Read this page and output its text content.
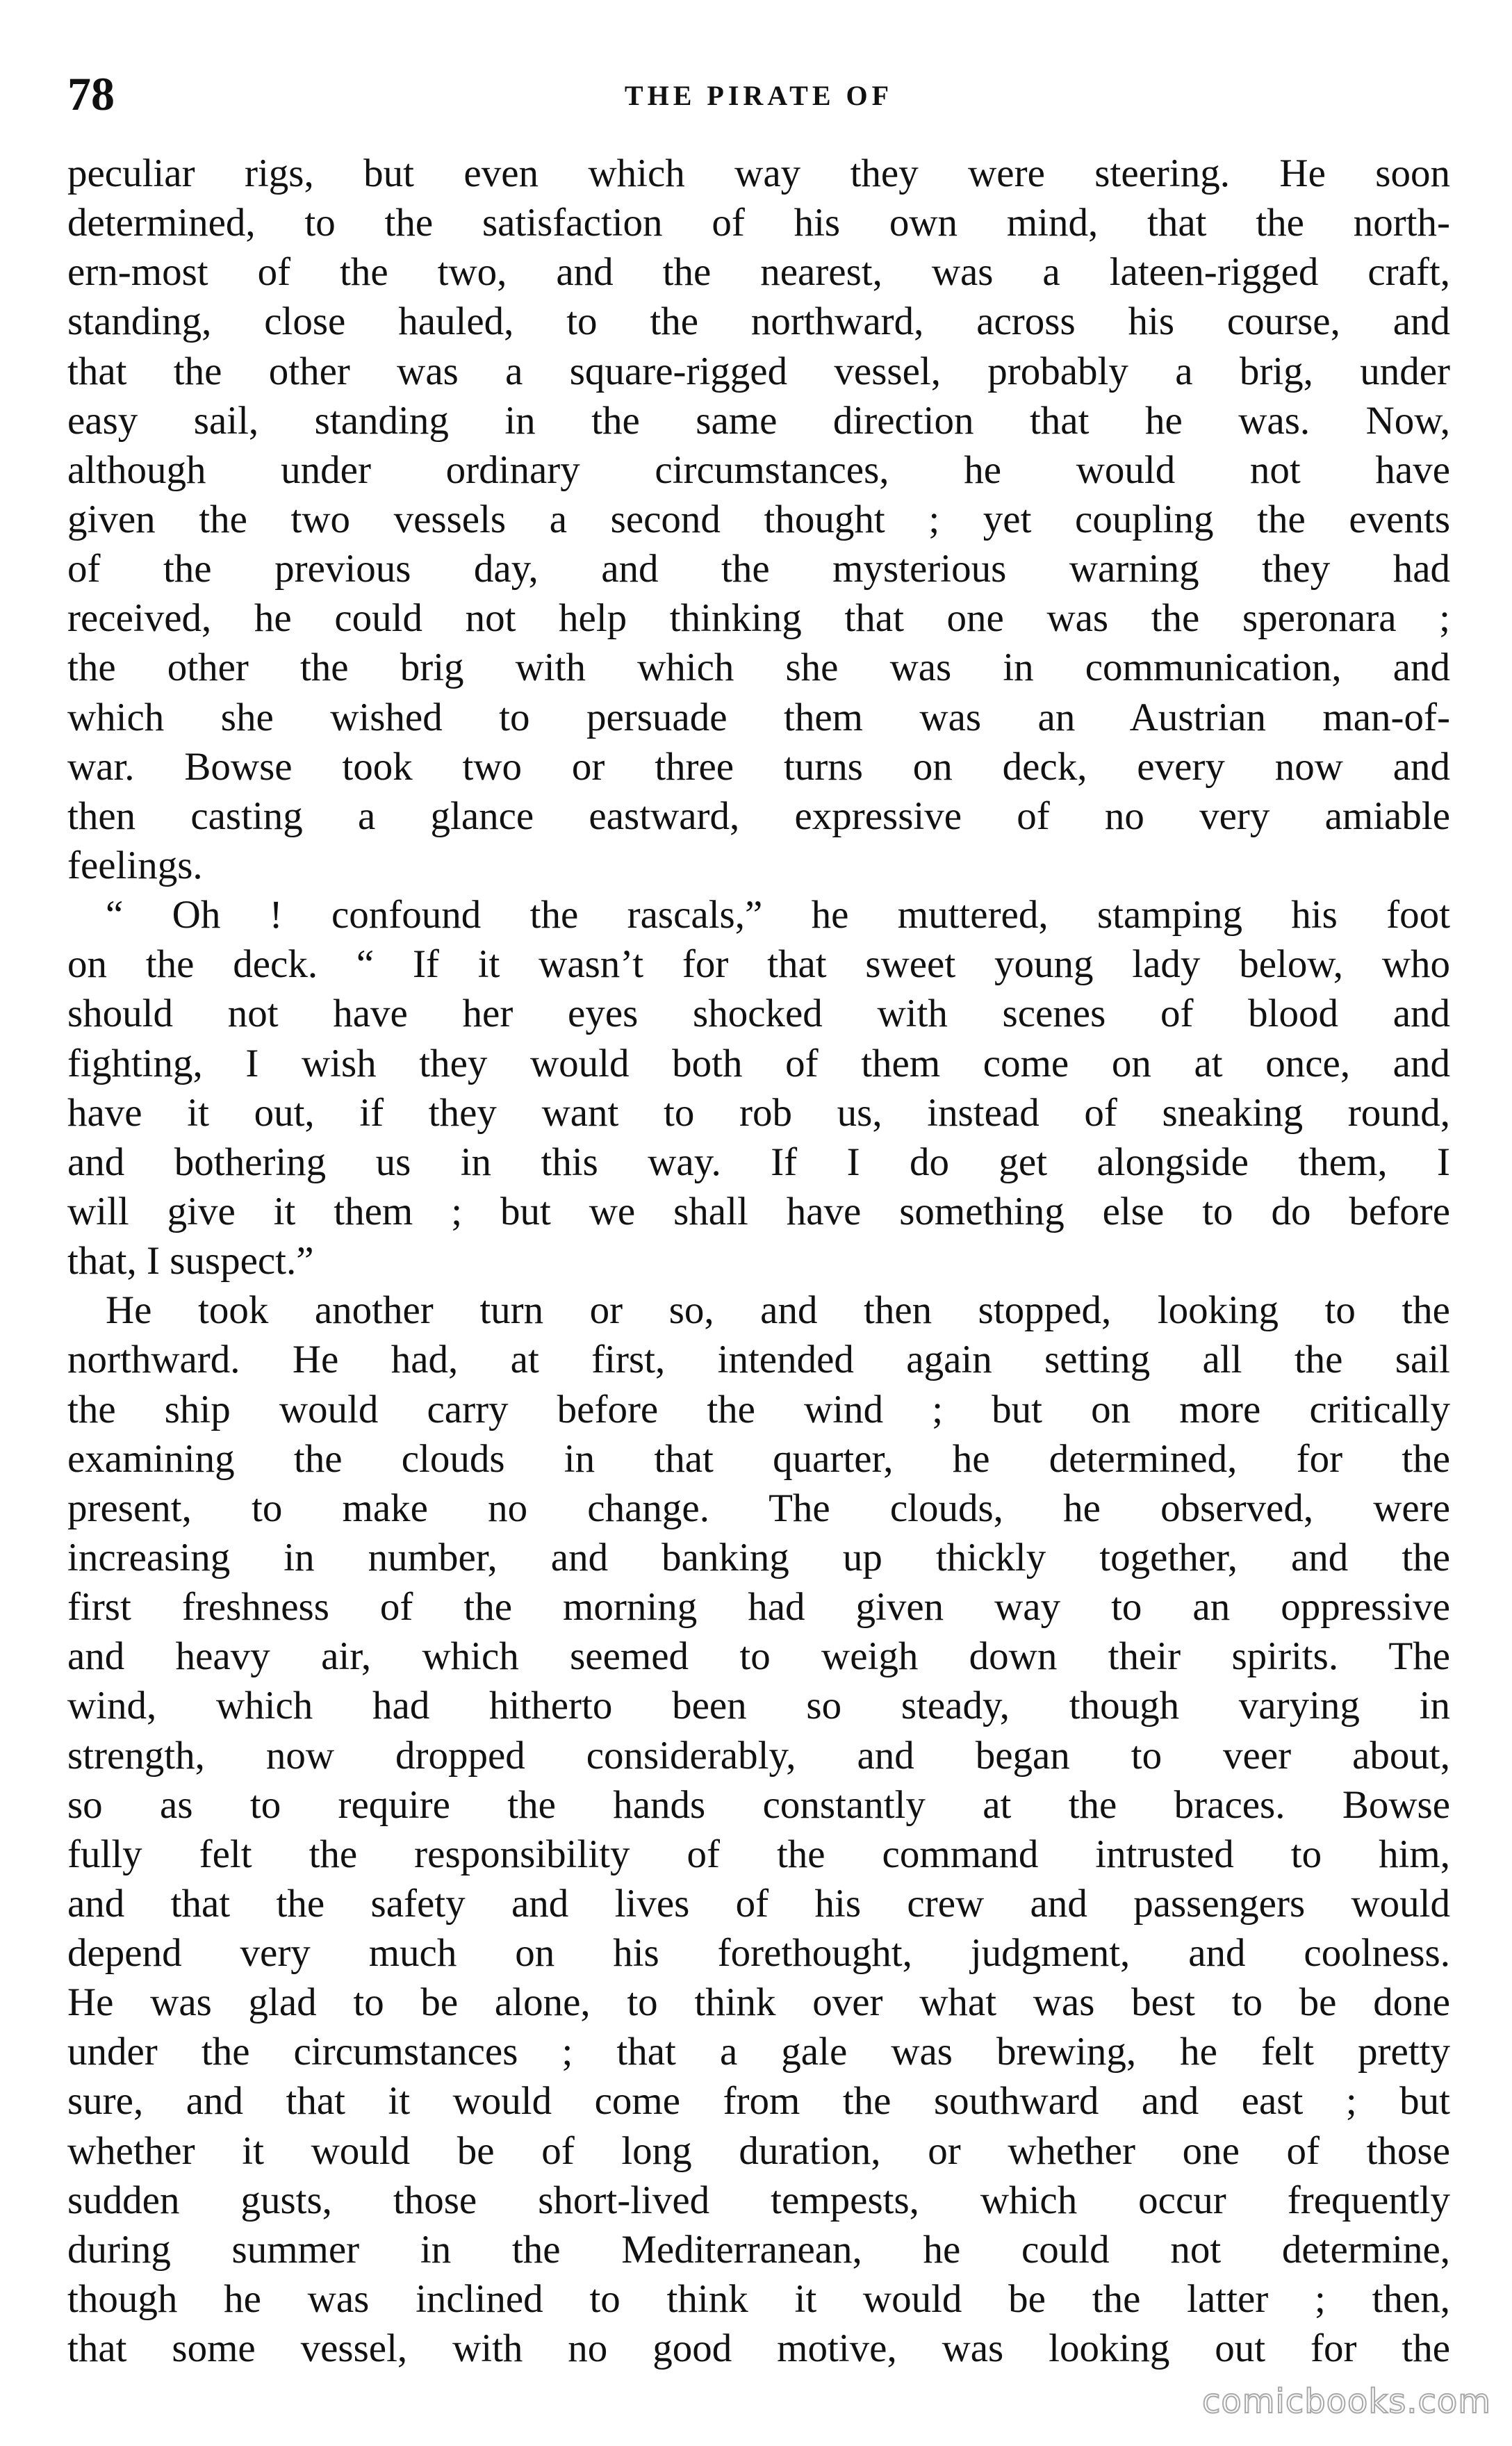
78	THE PIRATE OF
peculiar rigs, but even which way they were steering. He soon
determined, to the satisfaction of his own mind, that the north-
ern-most of the two, and the nearest, was a lateen-rigged craft,
standing, close hauled, to the northward, across his course, and
that the other was a square-rigged vessel, probably a brig, under
easy sail, standing in the same direction that he was. Now,
although under ordinary circumstances, he would not have
given the two vessels a second thought ; yet coupling the events
of the previous day, and the mysterious warning they had
received, he could not help thinking that one was the speronara ;
the other the brig with which she was in communication, and
which she wished to persuade them was an Austrian man-of-
war. Bowse took two or three turns on deck, every now and
then casting a glance eastward, expressive of no very amiable
feelings.
“ Oh ! confound the rascals,” he muttered, stamping his foot
on the deck. “ If it wasn’t for that sweet young lady below, who
should not have her eyes shocked with scenes of blood and
fighting, I wish they would both of them come on at once, and
have it out, if they want to rob us, instead of sneaking round,
and bothering us in this way. If I do get alongside them, I
will give it them ; but we shall have something else to do before
that, I suspect.”
He took another turn or so, and then stopped, looking to the
northward. He had, at first, intended again setting all the sail
the ship would carry before the wind ; but on more critically
examining the clouds in that quarter, he determined, for the
present, to make no change. The clouds, he observed, were
increasing in number, and banking up thickly together, and the
first freshness of the morning had given way to an oppressive
and heavy air, which seemed to weigh down their spirits. The
wind, which had hitherto been so steady, though varying in
strength, now dropped considerably, and began to veer about,
so as to require the hands constantly at the braces. Bowse
fully felt the responsibility of the command intrusted to him,
and that the safety and lives of his crew and passengers would
depend very much on his forethought, judgment, and coolness.
He was glad to be alone, to think over what was best to be done
under the circumstances ; that a gale was brewing, he felt pretty
sure, and that it would come from the southward and east ; but
whether it would be of long duration, or whether one of those
sudden gusts, those short-lived tempests, which occur frequently
during summer in the Mediterranean, he could not determine,
though he was inclined to think it would be the latter ; then,
that some vessel, with no good motive, was looking out for the
comicbooks.com
